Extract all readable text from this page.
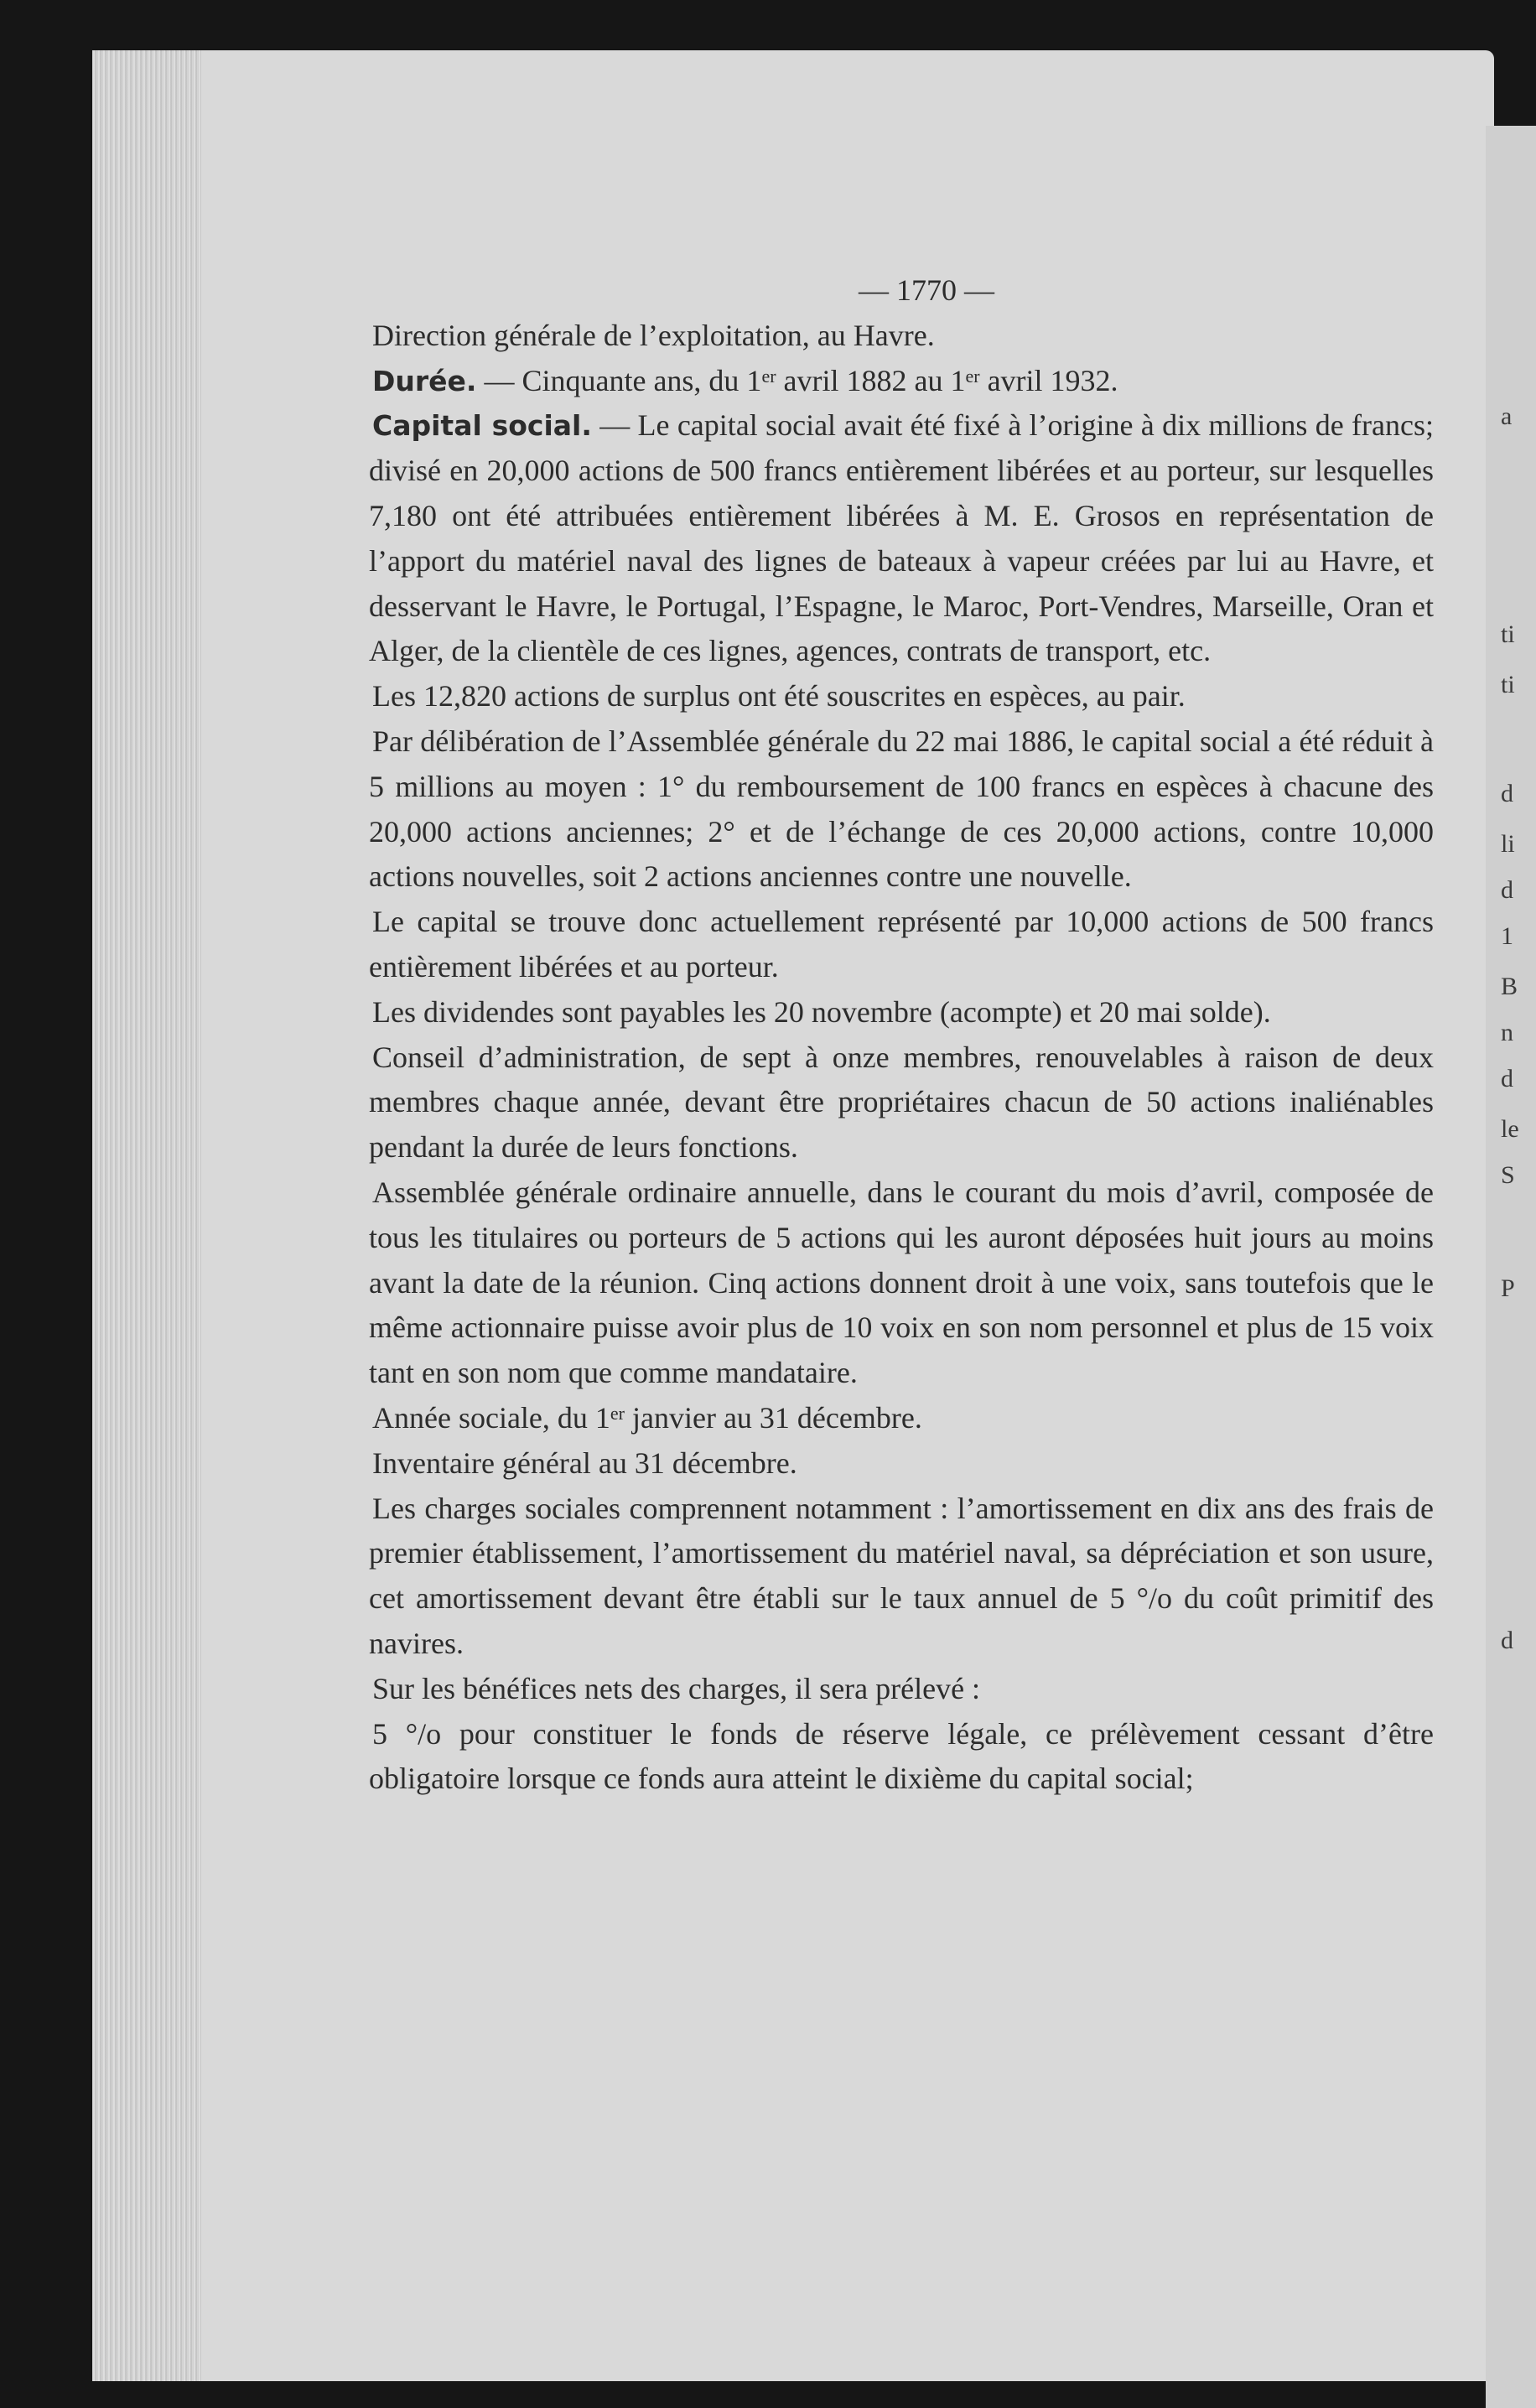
a
ti
ti
d
li
d
1
B
n
d
le
S
P
d
— 1770 —

Direction générale de l’exploitation, au Havre.

Durée. — Cinquante ans, du 1er avril 1882 au 1er avril 1932.

Capital social. — Le capital social avait été fixé à l’origine à dix millions de francs; divisé en 20,000 actions de 500 francs entièrement libérées et au porteur, sur lesquelles 7,180 ont été attribuées entièrement libérées à M. E. Grosos en représentation de l’apport du matériel naval des lignes de bateaux à vapeur créées par lui au Havre, et desservant le Havre, le Portugal, l’Espagne, le Maroc, Port-Vendres, Marseille, Oran et Alger, de la clientèle de ces lignes, agences, contrats de transport, etc.

Les 12,820 actions de surplus ont été souscrites en espèces, au pair.

Par délibération de l’Assemblée générale du 22 mai 1886, le capital social a été réduit à 5 millions au moyen : 1° du remboursement de 100 francs en espèces à chacune des 20,000 actions anciennes; 2° et de l’échange de ces 20,000 actions, contre 10,000 actions nouvelles, soit 2 actions anciennes contre une nouvelle.

Le capital se trouve donc actuellement représenté par 10,000 actions de 500 francs entièrement libérées et au porteur.

Les dividendes sont payables les 20 novembre (acompte) et 20 mai solde).

Conseil d’administration, de sept à onze membres, renouvelables à raison de deux membres chaque année, devant être propriétaires chacun de 50 actions inaliénables pendant la durée de leurs fonctions.

Assemblée générale ordinaire annuelle, dans le courant du mois d’avril, composée de tous les titulaires ou porteurs de 5 actions qui les auront déposées huit jours au moins avant la date de la réunion. Cinq actions donnent droit à une voix, sans toutefois que le même actionnaire puisse avoir plus de 10 voix en son nom personnel et plus de 15 voix tant en son nom que comme mandataire.

Année sociale, du 1er janvier au 31 décembre.

Inventaire général au 31 décembre.

Les charges sociales comprennent notamment : l’amortissement en dix ans des frais de premier établissement, l’amortissement du matériel naval, sa dépréciation et son usure, cet amortissement devant être établi sur le taux annuel de 5 °/o du coût primitif des navires.

Sur les bénéfices nets des charges, il sera prélevé :

5 °/o pour constituer le fonds de réserve légale, ce prélèvement cessant d’être obligatoire lorsque ce fonds aura atteint le dixième du capital social;
